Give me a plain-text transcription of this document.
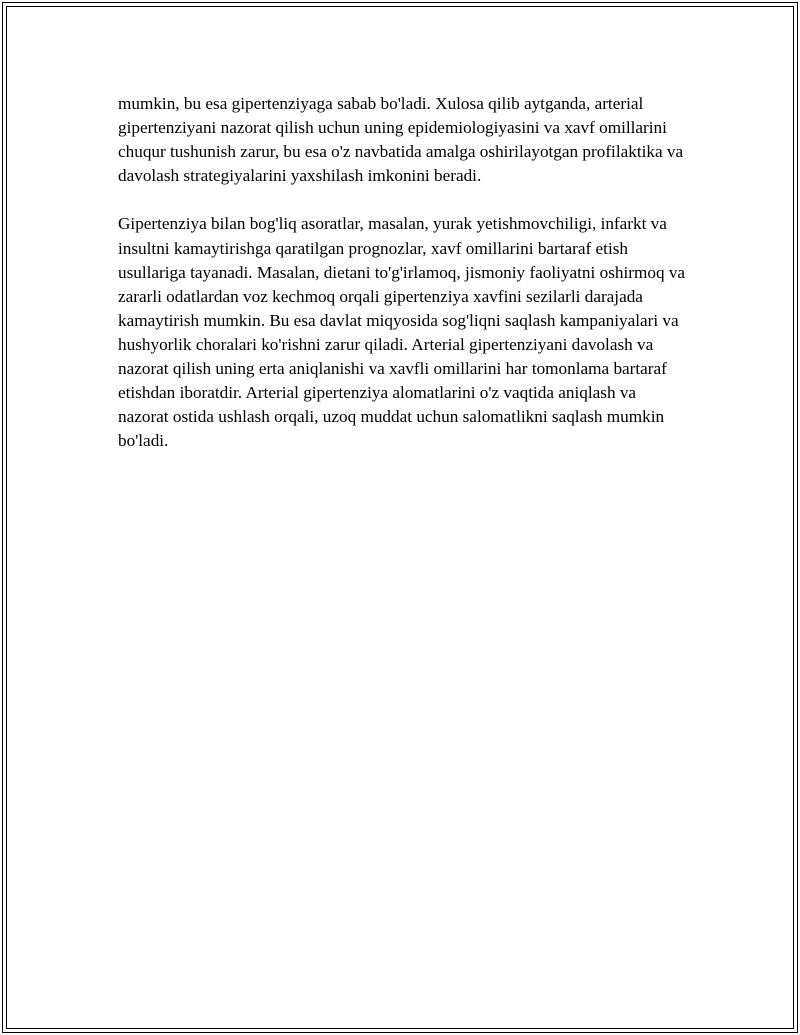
mumkin, bu esa gipertenziyaga sabab bo'ladi. Xulosa qilib aytganda, arterial gipertenziyani nazorat qilish uchun uning epidemiologiyasini va xavf omillarini chuqur tushunish zarur, bu esa o'z navbatida amalga oshirilayotgan profilaktika va davolash strategiyalarini yaxshilash imkonini beradi.

Gipertenziya bilan bog'liq asoratlar, masalan, yurak yetishmovchiligi, infarkt va insultni kamaytirishga qaratilgan prognozlar, xavf omillarini bartaraf etish usullariga tayanadi. Masalan, dietani to'g'irlamoq, jismoniy faoliyatni oshirmoq va zararli odatlardan voz kechmoq orqali gipertenziya xavfini sezilarli darajada kamaytirish mumkin. Bu esa davlat miqyosida sog'liqni saqlash kampaniyalari va hushyorlik choralari ko'rishni zarur qiladi. Arterial gipertenziyani davolash va nazorat qilish uning erta aniqlanishi va xavfli omillarini har tomonlama bartaraf etishdan iboratdir. Arterial gipertenziya alomatlarini o'z vaqtida aniqlash va nazorat ostida ushlash orqali, uzoq muddat uchun salomatlikni saqlash mumkin bo'ladi.
